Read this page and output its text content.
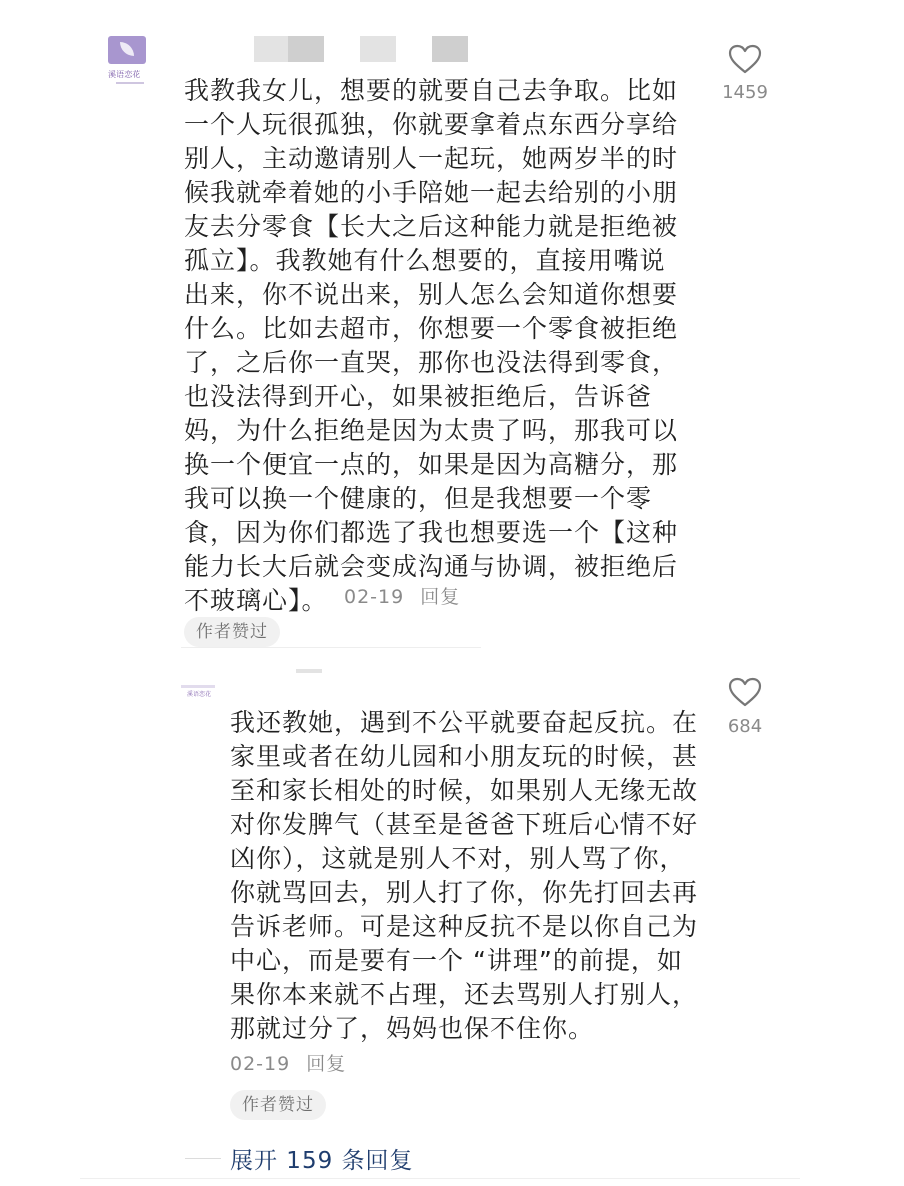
溪语恋花
我教我女儿，想要的就要自己去争取。比如
一个人玩很孤独，你就要拿着点东西分享给
别人，主动邀请别人一起玩，她两岁半的时
候我就牵着她的小手陪她一起去给别的小朋
友去分零食【长大之后这种能力就是拒绝被
孤立】。我教她有什么想要的，直接用嘴说
出来，你不说出来，别人怎么会知道你想要
什么。比如去超市，你想要一个零食被拒绝
了，之后你一直哭，那你也没法得到零食，
也没法得到开心，如果被拒绝后，告诉爸
妈，为什么拒绝是因为太贵了吗，那我可以
换一个便宜一点的，如果是因为高糖分，那
我可以换一个健康的，但是我想要一个零
食，因为你们都选了我也想要选一个【这种
能力长大后就会变成沟通与协调，被拒绝后
不玻璃心】。 02-19 回复
作者赞过
1459
溪语恋花
我还教她，遇到不公平就要奋起反抗。在
家里或者在幼儿园和小朋友玩的时候，甚
至和家长相处的时候，如果别人无缘无故
对你发脾气（甚至是爸爸下班后心情不好
凶你），这就是别人不对，别人骂了你，
你就骂回去，别人打了你，你先打回去再
告诉老师。可是这种反抗不是以你自己为
中心，而是要有一个 “讲理”的前提，如
果你本来就不占理，还去骂别人打别人，
那就过分了，妈妈也保不住你。
02-19 回复
作者赞过
684
展开 159 条回复
